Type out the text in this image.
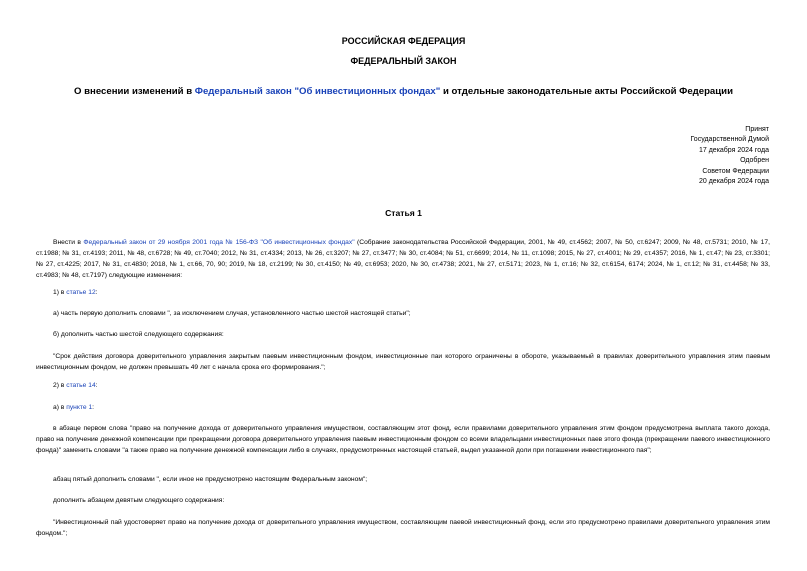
РОССИЙСКАЯ ФЕДЕРАЦИЯ
ФЕДЕРАЛЬНЫЙ ЗАКОН
О внесении изменений в Федеральный закон "Об инвестиционных фондах" и отдельные законодательные акты Российской Федерации
Принят
Государственной Думой
17 декабря 2024 года
Одобрен
Советом Федерации
20 декабря 2024 года
Статья 1
Внести в Федеральный закон от 29 ноября 2001 года № 156-ФЗ "Об инвестиционных фондах" (Собрание законодательства Российской Федерации, 2001, № 49, ст.4562; 2007, № 50, ст.6247; 2009, № 48, ст.5731; 2010, № 17, ст.1988; № 31, ст.4193; 2011, № 48, ст.6728; № 49, ст.7040; 2012, № 31, ст.4334; 2013, № 26, ст.3207; № 27, ст.3477; № 30, ст.4084; № 51, ст.6699; 2014, № 11, ст.1098; 2015, № 27, ст.4001; № 29, ст.4357; 2016, № 1, ст.47; № 23, ст.3301; № 27, ст.4225; 2017, № 31, ст.4830; 2018, № 1, ст.66, 70, 90; 2019, № 18, ст.2199; № 30, ст.4150; № 49, ст.6953; 2020, № 30, ст.4738; 2021, № 27, ст.5171; 2023, № 1, ст.16; № 32, ст.6154, 6174; 2024, № 1, ст.12; № 31, ст.4458; № 33, ст.4983; № 48, ст.7197) следующие изменения:
1) в статье 12:
а) часть первую дополнить словами ", за исключением случая, установленного частью шестой настоящей статьи";
б) дополнить частью шестой следующего содержания:
"Срок действия договора доверительного управления закрытым паевым инвестиционным фондом, инвестиционные паи которого ограничены в обороте, указываемый в правилах доверительного управления этим паевым инвестиционным фондом, не должен превышать 49 лет с начала срока его формирования.";
2) в статье 14:
а) в пункте 1:
в абзаце первом слова "право на получение дохода от доверительного управления имуществом, составляющим этот фонд, если правилами доверительного управления этим фондом предусмотрена выплата такого дохода, право на получение денежной компенсации при прекращении договора доверительного управления паевым инвестиционным фондом со всеми владельцами инвестиционных паев этого фонда (прекращении паевого инвестиционного фонда)" заменить словами "а также право на получение денежной компенсации либо в случаях, предусмотренных настоящей статьей, выдел указанной доли при погашении инвестиционного пая";
абзац пятый дополнить словами ", если иное не предусмотрено настоящим Федеральным законом";
дополнить абзацем девятым следующего содержания:
"Инвестиционный пай удостоверяет право на получение дохода от доверительного управления имуществом, составляющим паевой инвестиционный фонд, если это предусмотрено правилами доверительного управления этим фондом.";
